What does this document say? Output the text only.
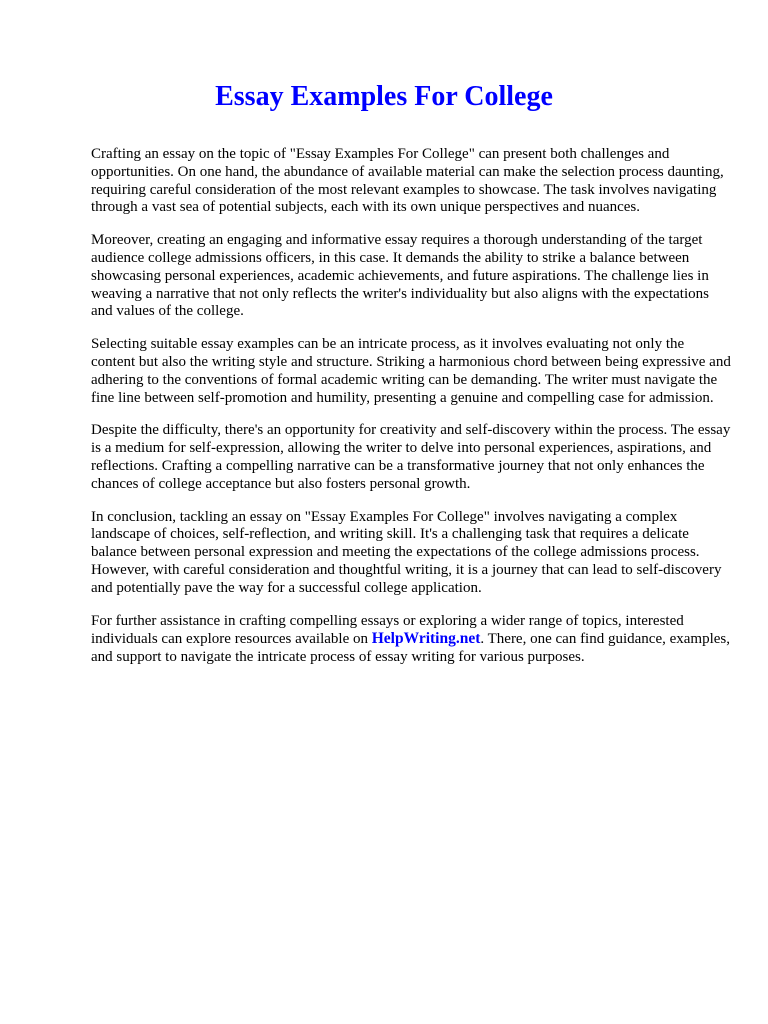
Essay Examples For College

Crafting an essay on the topic of "Essay Examples For College" can present both challenges and opportunities. On one hand, the abundance of available material can make the selection process daunting, requiring careful consideration of the most relevant examples to showcase. The task involves navigating through a vast sea of potential subjects, each with its own unique perspectives and nuances.

Moreover, creating an engaging and informative essay requires a thorough understanding of the target audience college admissions officers, in this case. It demands the ability to strike a balance between showcasing personal experiences, academic achievements, and future aspirations. The challenge lies in weaving a narrative that not only reflects the writer's individuality but also aligns with the expectations and values of the college.

Selecting suitable essay examples can be an intricate process, as it involves evaluating not only the content but also the writing style and structure. Striking a harmonious chord between being expressive and adhering to the conventions of formal academic writing can be demanding. The writer must navigate the fine line between self-promotion and humility, presenting a genuine and compelling case for admission.

Despite the difficulty, there's an opportunity for creativity and self-discovery within the process. The essay is a medium for self-expression, allowing the writer to delve into personal experiences, aspirations, and reflections. Crafting a compelling narrative can be a transformative journey that not only enhances the chances of college acceptance but also fosters personal growth.

In conclusion, tackling an essay on "Essay Examples For College" involves navigating a complex landscape of choices, self-reflection, and writing skill. It's a challenging task that requires a delicate balance between personal expression and meeting the expectations of the college admissions process. However, with careful consideration and thoughtful writing, it is a journey that can lead to self-discovery and potentially pave the way for a successful college application.

For further assistance in crafting compelling essays or exploring a wider range of topics, interested individuals can explore resources available on HelpWriting.net. There, one can find guidance, examples, and support to navigate the intricate process of essay writing for various purposes.
